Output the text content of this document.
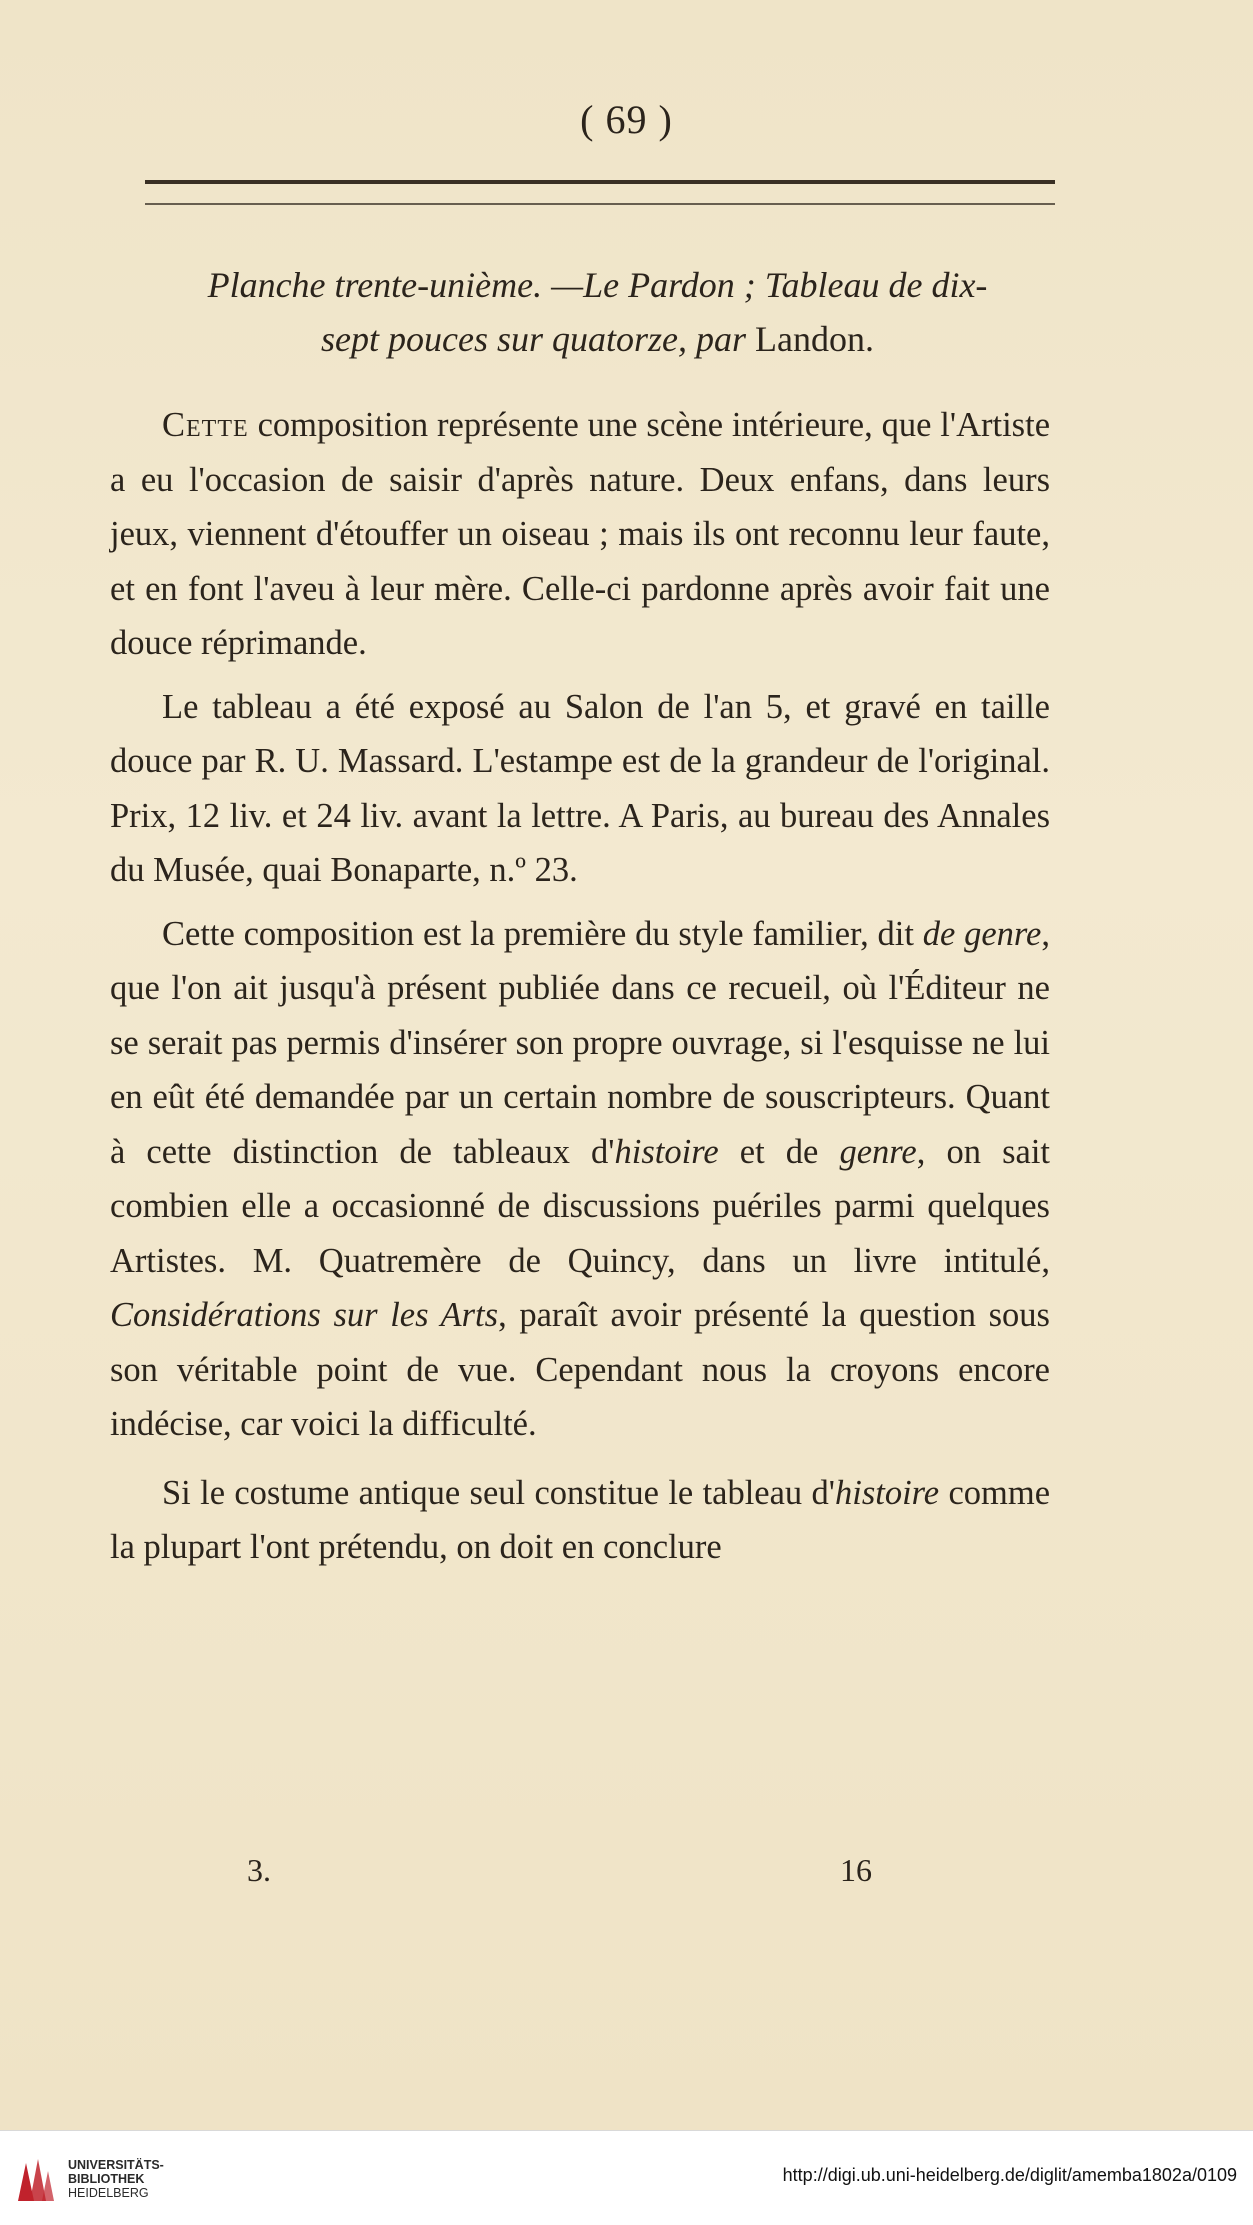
( 69 )
Planche trente-unième. —Le Pardon ; Tableau de dix-
sept pouces sur quatorze, par Landon.

Cette composition représente une scène intérieure, que l'Artiste a eu l'occasion de saisir d'après nature. Deux enfans, dans leurs jeux, viennent d'étouffer un oiseau ; mais ils ont reconnu leur faute, et en font l'aveu à leur mère. Celle-ci pardonne après avoir fait une douce réprimande.

Le tableau a été exposé au Salon de l'an 5, et gravé en taille douce par R. U. Massard. L'estampe est de la grandeur de l'original. Prix, 12 liv. et 24 liv. avant la lettre. A Paris, au bureau des Annales du Musée, quai Bonaparte, n.º 23.

Cette composition est la première du style familier, dit de genre, que l'on ait jusqu'à présent publiée dans ce recueil, où l'Éditeur ne se serait pas permis d'insérer son propre ouvrage, si l'esquisse ne lui en eût été demandée par un certain nombre de souscripteurs. Quant à cette distinction de tableaux d'histoire et de genre, on sait combien elle a occasionné de discussions puériles parmi quelques Artistes. M. Quatremère de Quincy, dans un livre intitulé, Considérations sur les Arts, paraît avoir présenté la question sous son véritable point de vue. Cependant nous la croyons encore indécise, car voici la difficulté.

Si le costume antique seul constitue le tableau d'histoire comme la plupart l'ont prétendu, on doit en conclure

3.	16
UNIVERSITÄTS-
BIBLIOTHEK
HEIDELBERG
http://digi.ub.uni-heidelberg.de/diglit/amemba1802a/0109
